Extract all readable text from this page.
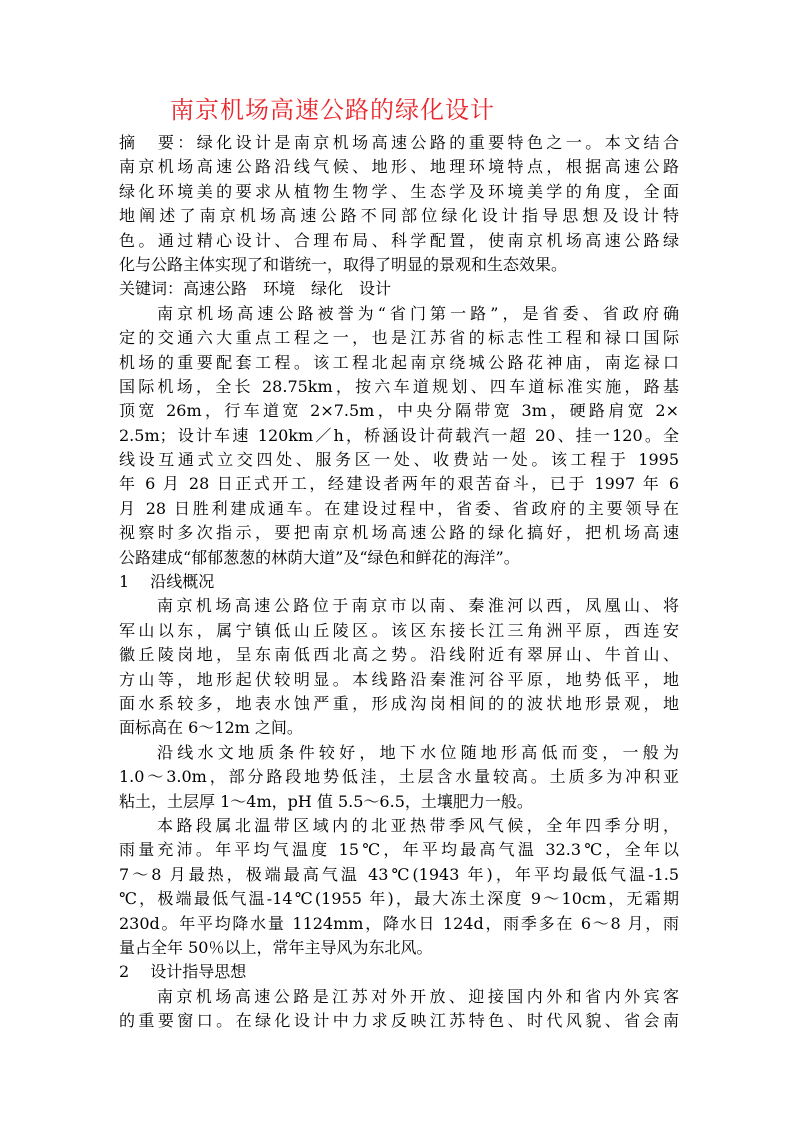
南京机场高速公路的绿化设计
摘　要：绿化设计是南京机场高速公路的重要特色之一。本文结合
南京机场高速公路沿线气候、地形、地理环境特点，根据高速公路
绿化环境美的要求从植物生物学、生态学及环境美学的角度，全面
地阐述了南京机场高速公路不同部位绿化设计指导思想及设计特
色。通过精心设计、合理布局、科学配置，使南京机场高速公路绿
化与公路主体实现了和谐统一，取得了明显的景观和生态效果。
关键词：高速公路　环境　绿化　设计
南京机场高速公路被誉为“省门第一路”，是省委、省政府确
定的交通六大重点工程之一，也是江苏省的标志性工程和禄口国际
机场的重要配套工程。该工程北起南京绕城公路花神庙，南迄禄口
国际机场，全长 28.75km，按六车道规划、四车道标准实施，路基
顶宽 26m，行车道宽 2×7.5m，中央分隔带宽 3m，硬路肩宽 2×
2.5m；设计车速 120km／h，桥涵设计荷载汽一超 20、挂一120。全
线设互通式立交四处、服务区一处、收费站一处。该工程于 1995
年 6 月 28 日正式开工，经建设者两年的艰苦奋斗，已于 1997 年 6
月 28 日胜利建成通车。在建设过程中，省委、省政府的主要领导在
视察时多次指示，要把南京机场高速公路的绿化搞好，把机场高速
公路建成“郁郁葱葱的林荫大道”及“绿色和鲜花的海洋”。
1　 沿线概况
南京机场高速公路位于南京市以南、秦淮河以西，凤凰山、将
军山以东，属宁镇低山丘陵区。该区东接长江三角洲平原，西连安
徽丘陵岗地，呈东南低西北高之势。沿线附近有翠屏山、牛首山、
方山等，地形起伏较明显。本线路沿秦淮河谷平原，地势低平，地
面水系较多，地表水蚀严重，形成沟岗相间的的波状地形景观，地
面标高在 6～12m 之间。
沿线水文地质条件较好，地下水位随地形高低而变，一般为
1.0～3.0m，部分路段地势低洼，土层含水量较高。土质多为冲积亚
粘土，土层厚 1～4m，pH 值 5.5～6.5，土壤肥力一般。
本路段属北温带区域内的北亚热带季风气候，全年四季分明，
雨量充沛。年平均气温度 15℃，年平均最高气温 32.3℃，全年以
7～8 月最热，极端最高气温 43℃(1943 年)，年平均最低气温-1.5
℃，极端最低气温-14℃(1955 年)，最大冻土深度 9～10cm，无霜期
230d。年平均降水量 1124mm，降水日 124d，雨季多在 6～8 月，雨
量占全年 50％以上，常年主导风为东北风。
2　 设计指导思想
南京机场高速公路是江苏对外开放、迎接国内外和省内外宾客
的重要窗口。在绿化设计中力求反映江苏特色、时代风貌、省会南
